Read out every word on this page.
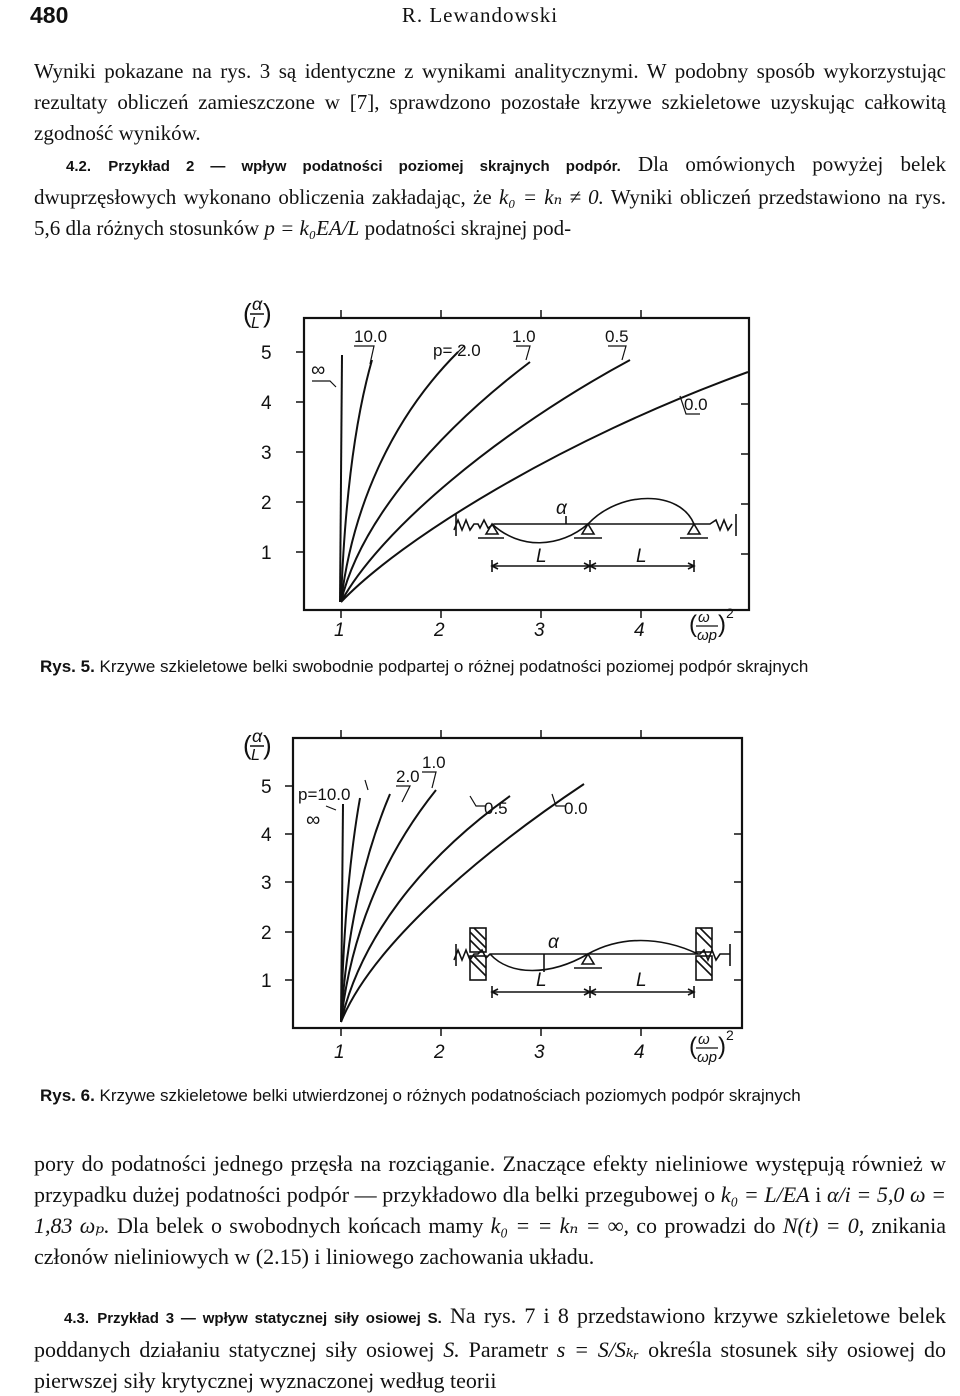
480	R. Lewandowski

Wyniki pokazane na rys. 3 są identyczne z wynikami analitycznymi. W podobny sposób wykorzystując rezultaty obliczeń zamieszczone w [7], sprawdzono pozostałe krzywe szkieletowe uzyskując całkowitą zgodność wyników.

4.2. Przykład 2 — wpływ podatności poziomej skrajnych podpór. Dla omówionych powyżej belek dwuprzęsłowych wykonano obliczenia zakładając, że k₀ = kₙ ≠ 0. Wyniki obliczeń przedstawiono na rys. 5,6 dla różnych stosunków p = k₀EA/L podatności skrajnej pod-

α
L
( )
5
4
3
2
1
1	2	3	4 ( ω
ωp ) 2
∞
10.0
p= 2.0
1.0	0.5
0.0
α
L	L
Rys. 5. Krzywe szkieletowe belki swobodnie podpartej o różnej podatności poziomej podpór skrajnych
α
L
( )
5
4
3
2
1
1	2	3	4 ( ω
ωp ) 2
∞
p=10.0
2.0
1.0
0.5	0.0
α
L	L
Rys. 6. Krzywe szkieletowe belki utwierdzonej o różnych podatnościach poziomych podpór skrajnych

pory do podatności jednego przęsła na rozciąganie. Znaczące efekty nieliniowe występują również w przypadku dużej podatności podpór — przykładowo dla belki przegubowej o k₀ = L/EA i α/i = 5,0 ω = 1,83 ωₚ. Dla belek o swobodnych końcach mamy k₀ = = kₙ = ∞, co prowadzi do N(t) = 0, znikania członów nieliniowych w (2.15) i liniowego zachowania układu.

4.3. Przykład 3 — wpływ statycznej siły osiowej S. Na rys. 7 i 8 przedstawiono krzywe szkieletowe belek poddanych działaniu statycznej siły osiowej S. Parametr s = S/Sₖᵣ określa stosunek siły osiowej do pierwszej siły krytycznej wyznaczonej według teorii
